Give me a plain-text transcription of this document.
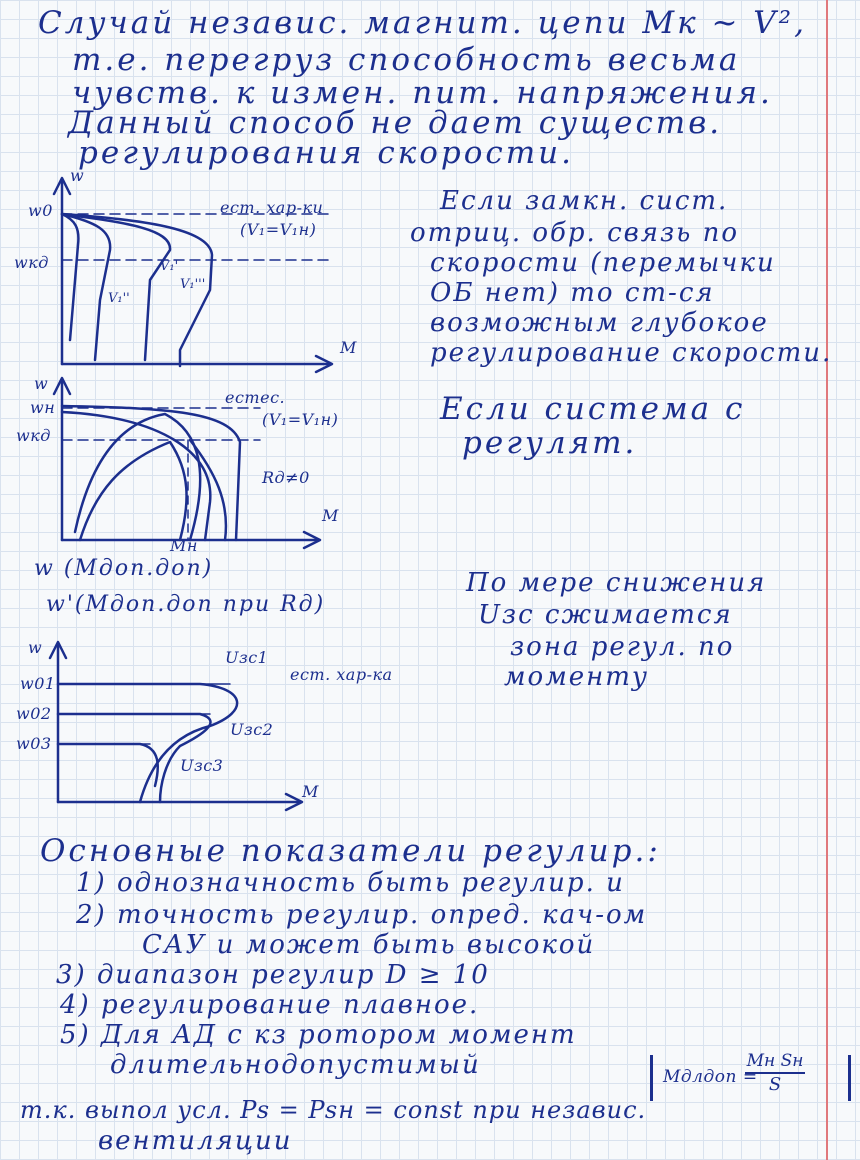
Случай независ. магнит. цепи Мк ~ V²,

т.е. перегруз способность весьма

чувств. к измен. пит. напряжения.

Данный способ не дает существ.

регулирования скорости.

w
M
w0
wкд
ест. хар-ки
(V₁=V₁н)
V₁'
V₁''
V₁'''

Если замкн. сист.

отриц. обр. связь по

скорости (перемычки

ОБ нет) то ст-ся

возможным глубокое

регулирование скорости.

w
M
wн
wкд
естес.
(V₁=V₁н)
Rд≠0
Mн
w (Мдоп.доп)
w'(Мдоп.доп при Rд)

Если система с

регулят.

По мере снижения

Uзс сжимается

зона регул. по

моменту

w
M
w01
w02
w03
Uзс1
Uзс2
Uзс3
ест. хар-ка

Основные показатели регулир.:

1) однозначность быть регулир. и

2) точность регулир. опред. кач-ом

САУ и может быть высокой

3) диапазон регулир D ≥ 10

4) регулирование плавное.

5) Для АД с кз ротором момент

длительнодопустимый	Мдлдоп =
Мн Sн
S

т.к. выпол усл. Ps = Psн = const при независ.

вентиляции
